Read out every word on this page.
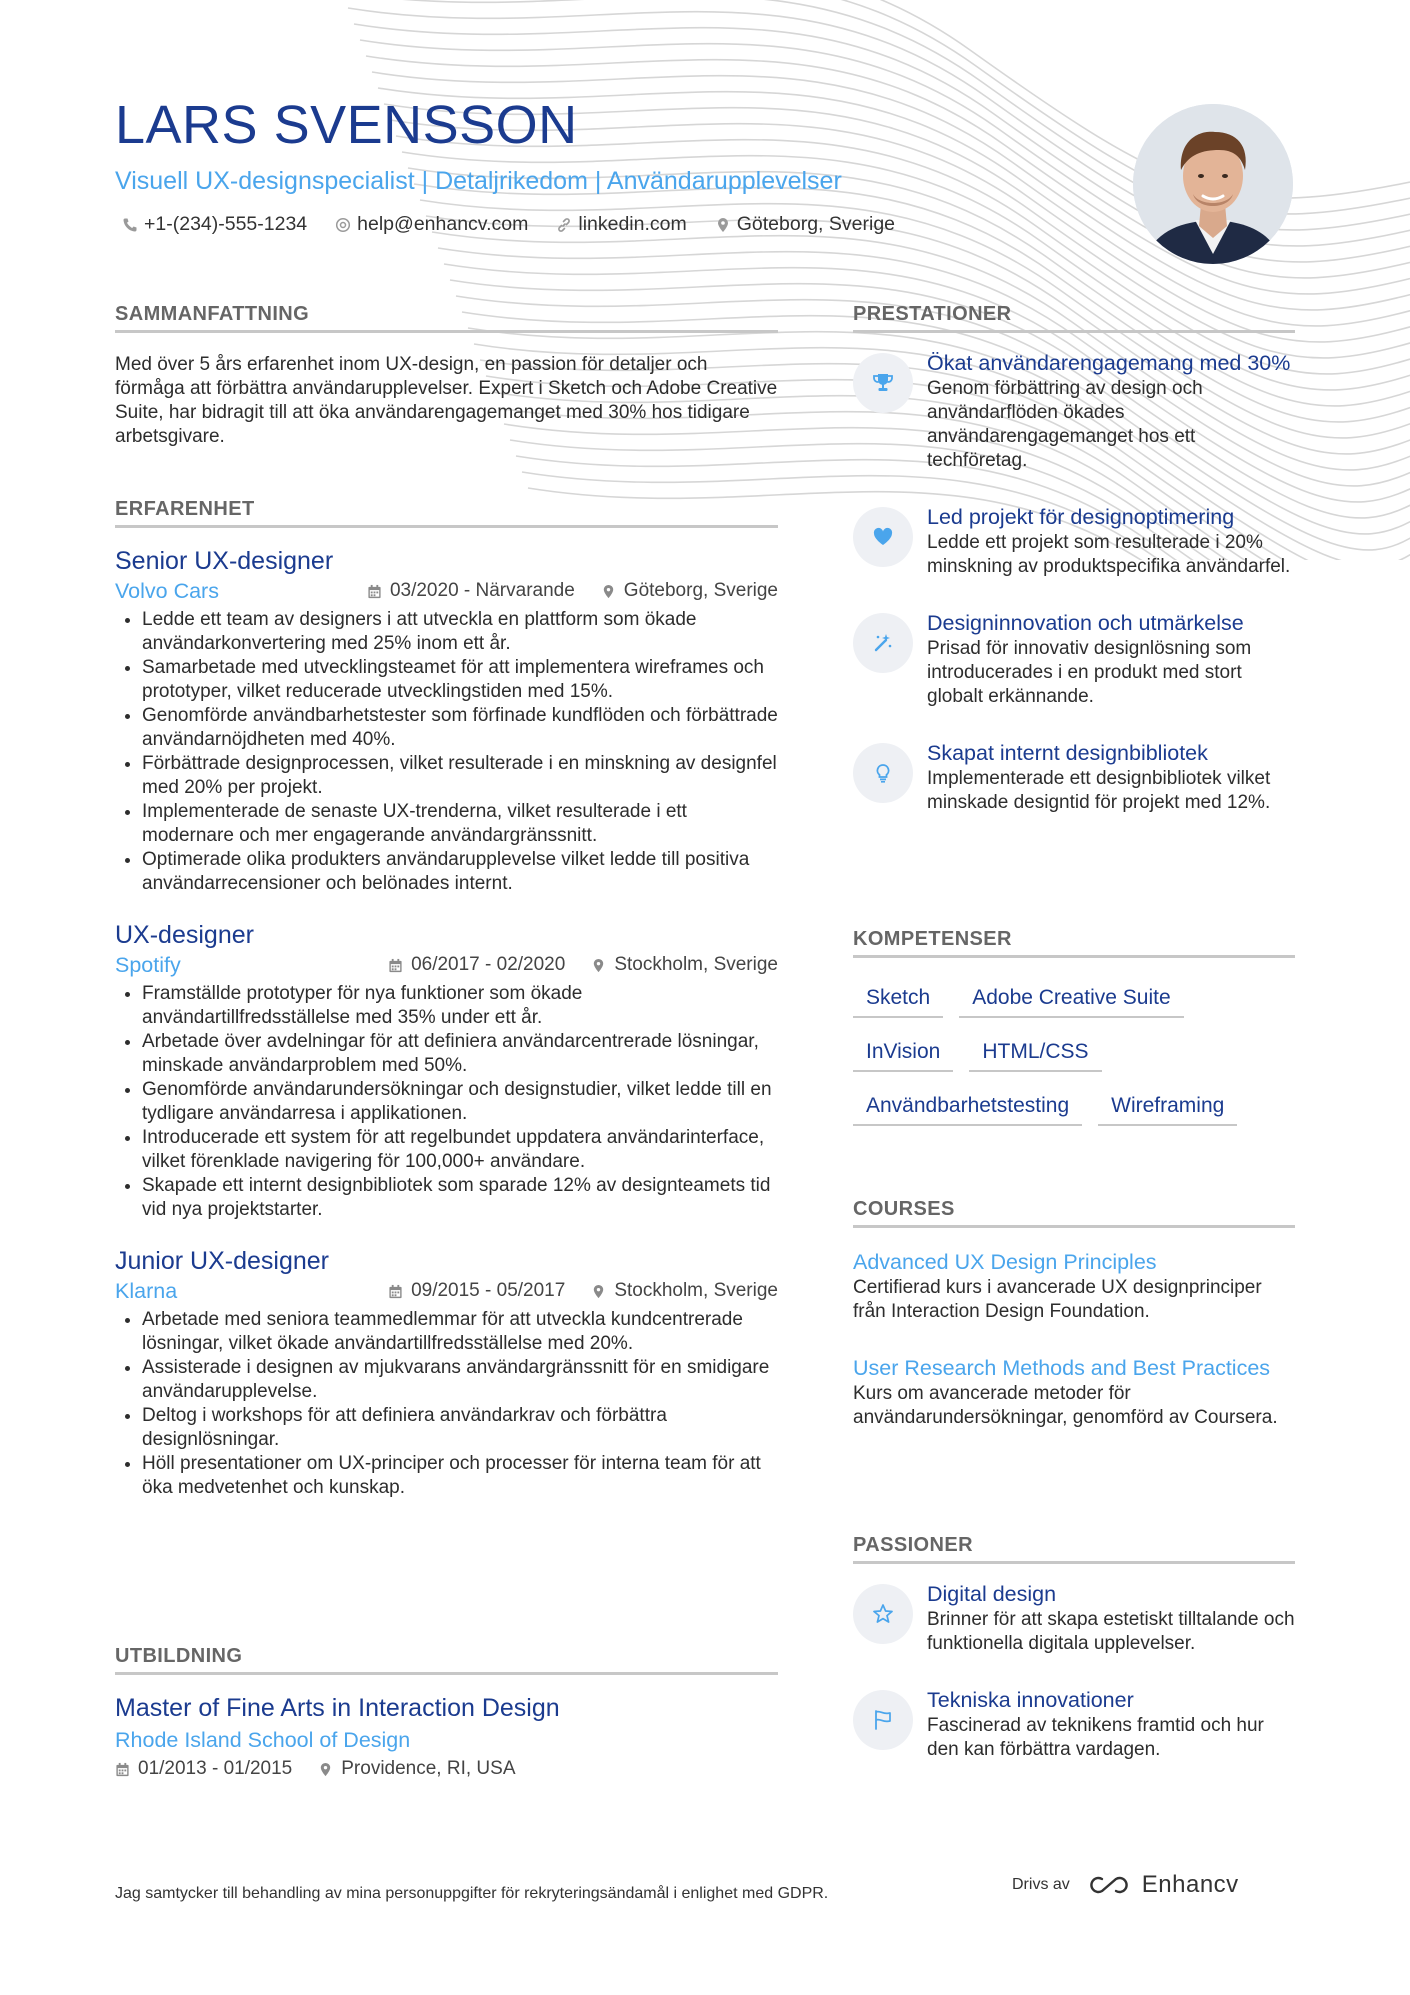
LARS SVENSSON
Visuell UX-designspecialist | Detaljrikedom | Användarupplevelser
+1-(234)-555-1234	help@enhancv.com	linkedin.com	Göteborg, Sverige
SAMMANFATTNING
Med över 5 års erfarenhet inom UX-design, en passion för detaljer och förmåga att förbättra användarupplevelser. Expert i Sketch och Adobe Creative Suite, har bidragit till att öka användarengagemanget med 30% hos tidigare arbetsgivare.
ERFARENHET
Senior UX-designer
Volvo Cars	03/2020 - Närvarande	Göteborg, Sverige
• Ledde ett team av designers i att utveckla en plattform som ökade användarkonvertering med 25% inom ett år.
• Samarbetade med utvecklingsteamet för att implementera wireframes och prototyper, vilket reducerade utvecklingstiden med 15%.
• Genomförde användbarhetstester som förfinade kundflöden och förbättrade användarnöjdheten med 40%.
• Förbättrade designprocessen, vilket resulterade i en minskning av designfel med 20% per projekt.
• Implementerade de senaste UX-trenderna, vilket resulterade i ett modernare och mer engagerande användargränssnitt.
• Optimerade olika produkters användarupplevelse vilket ledde till positiva användarrecensioner och belönades internt.
UX-designer
Spotify	06/2017 - 02/2020	Stockholm, Sverige
• Framställde prototyper för nya funktioner som ökade användartillfredsställelse med 35% under ett år.
• Arbetade över avdelningar för att definiera användarcentrerade lösningar, minskade användarproblem med 50%.
• Genomförde användarundersökningar och designstudier, vilket ledde till en tydligare användarresa i applikationen.
• Introducerade ett system för att regelbundet uppdatera användarinterface, vilket förenklade navigering för 100,000+ användare.
• Skapade ett internt designbibliotek som sparade 12% av designteamets tid vid nya projektstarter.
Junior UX-designer
Klarna	09/2015 - 05/2017	Stockholm, Sverige
• Arbetade med seniora teammedlemmar för att utveckla kundcentrerade lösningar, vilket ökade användartillfredsställelse med 20%.
• Assisterade i designen av mjukvarans användargränssnitt för en smidigare användarupplevelse.
• Deltog i workshops för att definiera användarkrav och förbättra designlösningar.
• Höll presentationer om UX-principer och processer för interna team för att öka medvetenhet och kunskap.
UTBILDNING
Master of Fine Arts in Interaction Design
Rhode Island School of Design
01/2013 - 01/2015	Providence, RI, USA
PRESTATIONER
Ökat användarengagemang med 30%
Genom förbättring av design och användarflöden ökades användarengagemanget hos ett techföretag.
Led projekt för designoptimering
Ledde ett projekt som resulterade i 20% minskning av produktspecifika användarfel.
Designinnovation och utmärkelse
Prisad för innovativ designlösning som introducerades i en produkt med stort globalt erkännande.
Skapat internt designbibliotek
Implementerade ett designbibliotek vilket minskade designtid för projekt med 12%.
KOMPETENSER
Sketch	Adobe Creative Suite
InVision	HTML/CSS
Användbarhetstesting	Wireframing
COURSES
Advanced UX Design Principles
Certifierad kurs i avancerade UX designprinciper från Interaction Design Foundation.
User Research Methods and Best Practices
Kurs om avancerade metoder för användarundersökningar, genomförd av Coursera.
PASSIONER
Digital design
Brinner för att skapa estetiskt tilltalande och funktionella digitala upplevelser.
Tekniska innovationer
Fascinerad av teknikens framtid och hur den kan förbättra vardagen.
Jag samtycker till behandling av mina personuppgifter för rekryteringsändamål i enlighet med GDPR.
Drivs av	Enhancv
